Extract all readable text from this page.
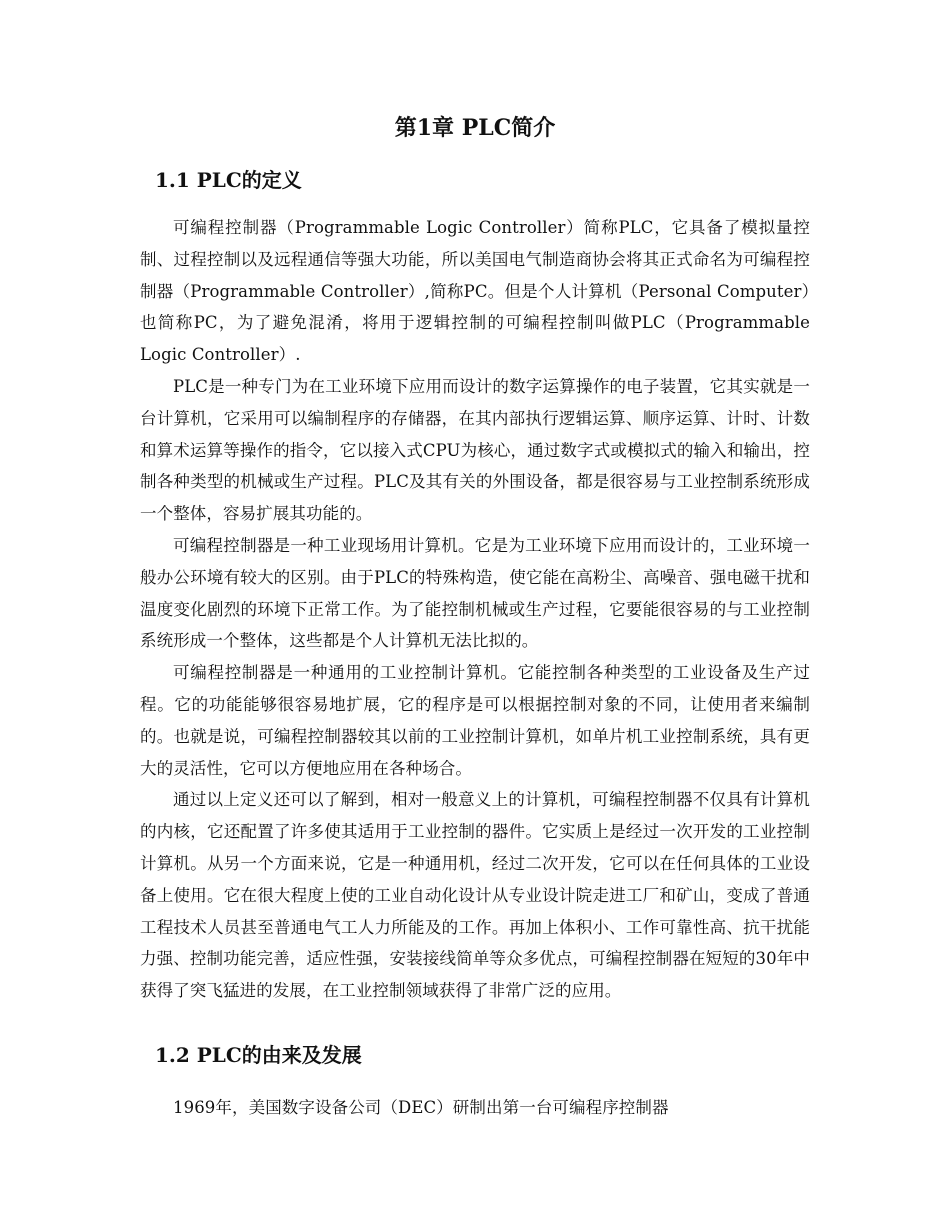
第1章 PLC简介
1.1 PLC的定义

可编程控制器（Programmable Logic Controller）简称PLC，它具备了模拟量控制、过程控制以及远程通信等强大功能，所以美国电气制造商协会将其正式命名为可编程控制器（Programmable Controller）,简称PC。但是个人计算机（Personal Computer）也简称PC，为了避免混淆，将用于逻辑控制的可编程控制叫做PLC（Programmable Logic Controller）.

PLC是一种专门为在工业环境下应用而设计的数字运算操作的电子装置，它其实就是一台计算机，它采用可以编制程序的存储器，在其内部执行逻辑运算、顺序运算、计时、计数和算术运算等操作的指令，它以接入式CPU为核心，通过数字式或模拟式的输入和输出，控制各种类型的机械或生产过程。PLC及其有关的外围设备，都是很容易与工业控制系统形成一个整体，容易扩展其功能的。

可编程控制器是一种工业现场用计算机。它是为工业环境下应用而设计的，工业环境一般办公环境有较大的区别。由于PLC的特殊构造，使它能在高粉尘、高噪音、强电磁干扰和温度变化剧烈的环境下正常工作。为了能控制机械或生产过程，它要能很容易的与工业控制系统形成一个整体，这些都是个人计算机无法比拟的。

可编程控制器是一种通用的工业控制计算机。它能控制各种类型的工业设备及生产过程。它的功能能够很容易地扩展，它的程序是可以根据控制对象的不同，让使用者来编制的。也就是说，可编程控制器较其以前的工业控制计算机，如单片机工业控制系统，具有更大的灵活性，它可以方便地应用在各种场合。

通过以上定义还可以了解到，相对一般意义上的计算机，可编程控制器不仅具有计算机的内核，它还配置了许多使其适用于工业控制的器件。它实质上是经过一次开发的工业控制计算机。从另一个方面来说，它是一种通用机，经过二次开发，它可以在任何具体的工业设备上使用。它在很大程度上使的工业自动化设计从专业设计院走进工厂和矿山，变成了普通工程技术人员甚至普通电气工人力所能及的工作。再加上体积小、工作可靠性高、抗干扰能力强、控制功能完善，适应性强，安装接线简单等众多优点，可编程控制器在短短的30年中获得了突飞猛进的发展，在工业控制领域获得了非常广泛的应用。

1.2 PLC的由来及发展

1969年，美国数字设备公司（DEC）研制出第一台可编程序控制器
